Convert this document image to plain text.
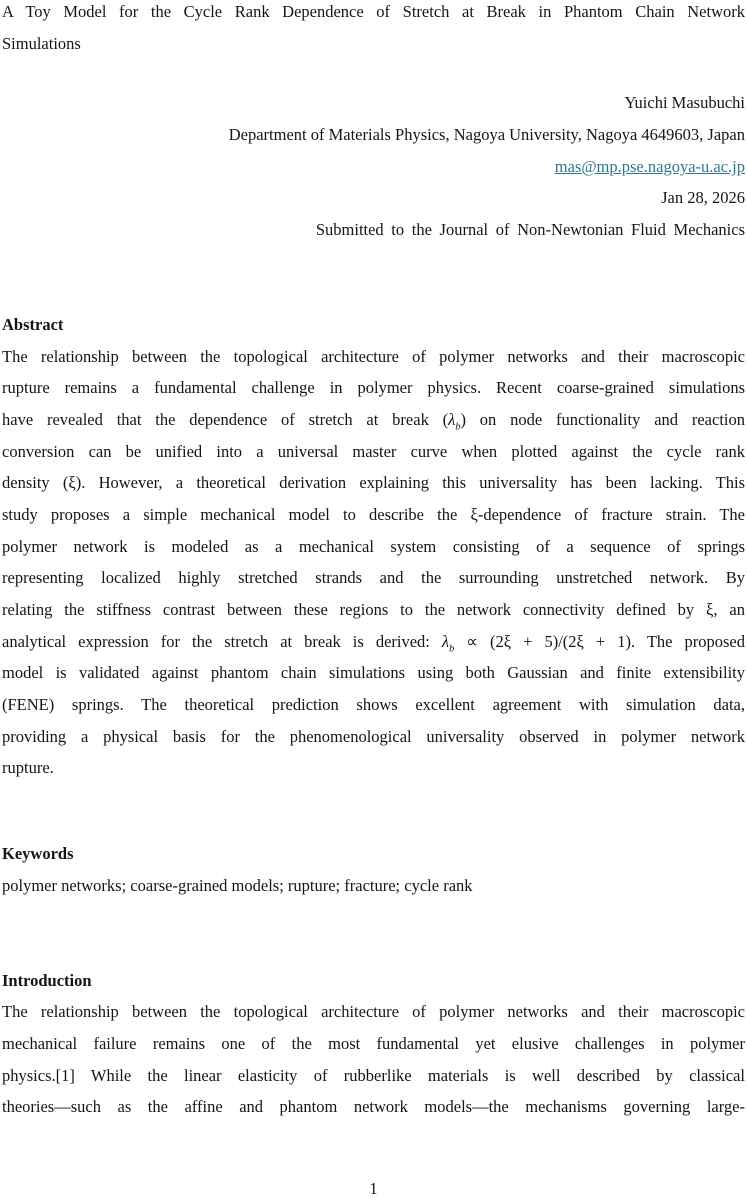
A Toy Model for the Cycle Rank Dependence of Stretch at Break in Phantom Chain Network
Simulations
Yuichi Masubuchi
Department of Materials Physics, Nagoya University, Nagoya 4649603, Japan
mas@mp.pse.nagoya-u.ac.jp
Jan 28, 2026
Submitted to the Journal of Non-Newtonian Fluid Mechanics
Abstract
The relationship between the topological architecture of polymer networks and their macroscopic
rupture remains a fundamental challenge in polymer physics. Recent coarse-grained simulations
have revealed that the dependence of stretch at break $(\lambda_b)$ on node functionality and reaction
conversion can be unified into a universal master curve when plotted against the cycle rank
density (ξ). However, a theoretical derivation explaining this universality has been lacking. This
study proposes a simple mechanical model to describe the ξ-dependence of fracture strain. The
polymer network is modeled as a mechanical system consisting of a sequence of springs
representing localized highly stretched strands and the surrounding unstretched network. By
relating the stiffness contrast between these regions to the network connectivity defined by ξ, an
analytical expression for the stretch at break is derived: $\lambda_b \propto (2\xi + 5)/(2\xi + 1)$. The proposed
model is validated against phantom chain simulations using both Gaussian and finite extensibility
(FENE) springs. The theoretical prediction shows excellent agreement with simulation data,
providing a physical basis for the phenomenological universality observed in polymer network
rupture.
Keywords
polymer networks; coarse-grained models; rupture; fracture; cycle rank
Introduction
The relationship between the topological architecture of polymer networks and their macroscopic
mechanical failure remains one of the most fundamental yet elusive challenges in polymer
physics.[1] While the linear elasticity of rubberlike materials is well described by classical
theories—such as the affine and phantom network models—the mechanisms governing large-
1
